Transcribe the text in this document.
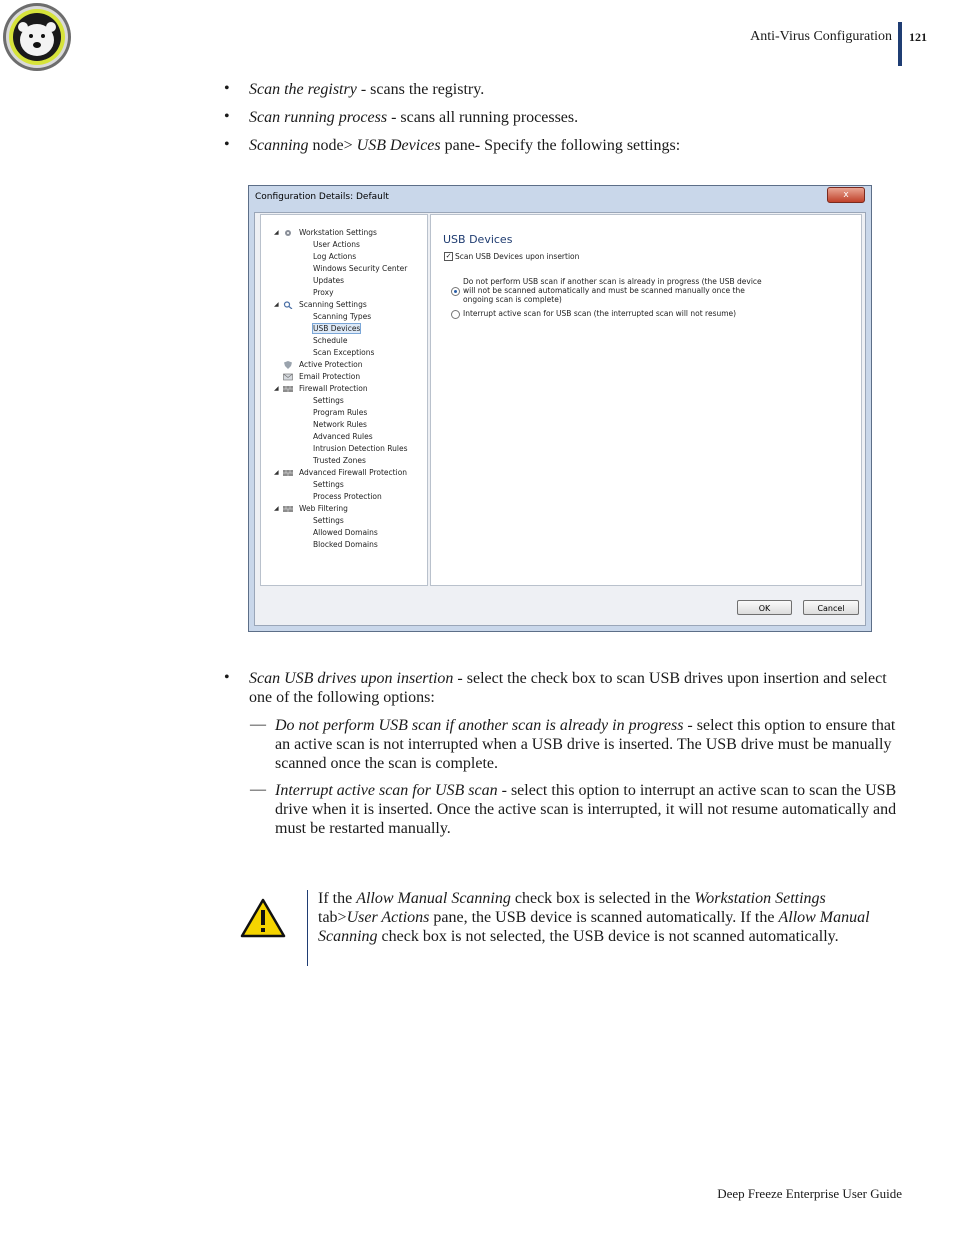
Anti-Virus Configuration 121
• Scan the registry - scans the registry.
• Scan running process - scans all running processes.
• Scanning node> USB Devices pane- Specify the following settings:
Configuration Details: Default	x
◢	Workstation Settings
User Actions
Log Actions
Windows Security Center
Updates
Proxy
◢	Scanning Settings
Scanning Types
USB Devices
Schedule
Scan Exceptions
Active Protection
Email Protection
◢	Firewall Protection
Settings
Program Rules
Network Rules
Advanced Rules
Intrusion Detection Rules
Trusted Zones
◢	Advanced Firewall Protection
Settings
Process Protection
◢	Web Filtering
Settings
Allowed Domains
Blocked Domains
USB Devices
✓ Scan USB Devices upon insertion
Do not perform USB scan if another scan is already in progress (the USB device
will not be scanned automatically and must be scanned manually once the
ongoing scan is complete)
Interrupt active scan for USB scan (the interrupted scan will not resume)
OK	Cancel
• Scan USB drives upon insertion - select the check box to scan USB drives upon insertion and select one of the following options:
— Do not perform USB scan if another scan is already in progress - select this option to ensure that an active scan is not interrupted when a USB drive is inserted. The USB drive must be manually scanned once the scan is complete.
— Interrupt active scan for USB scan - select this option to interrupt an active scan to scan the USB drive when it is inserted. Once the active scan is interrupted, it will not resume automatically and must be restarted manually.
If the Allow Manual Scanning check box is selected in the Workstation Settings tab>User Actions pane, the USB device is scanned automatically. If the Allow Manual Scanning check box is not selected, the USB device is not scanned automatically.
Deep Freeze Enterprise User Guide
